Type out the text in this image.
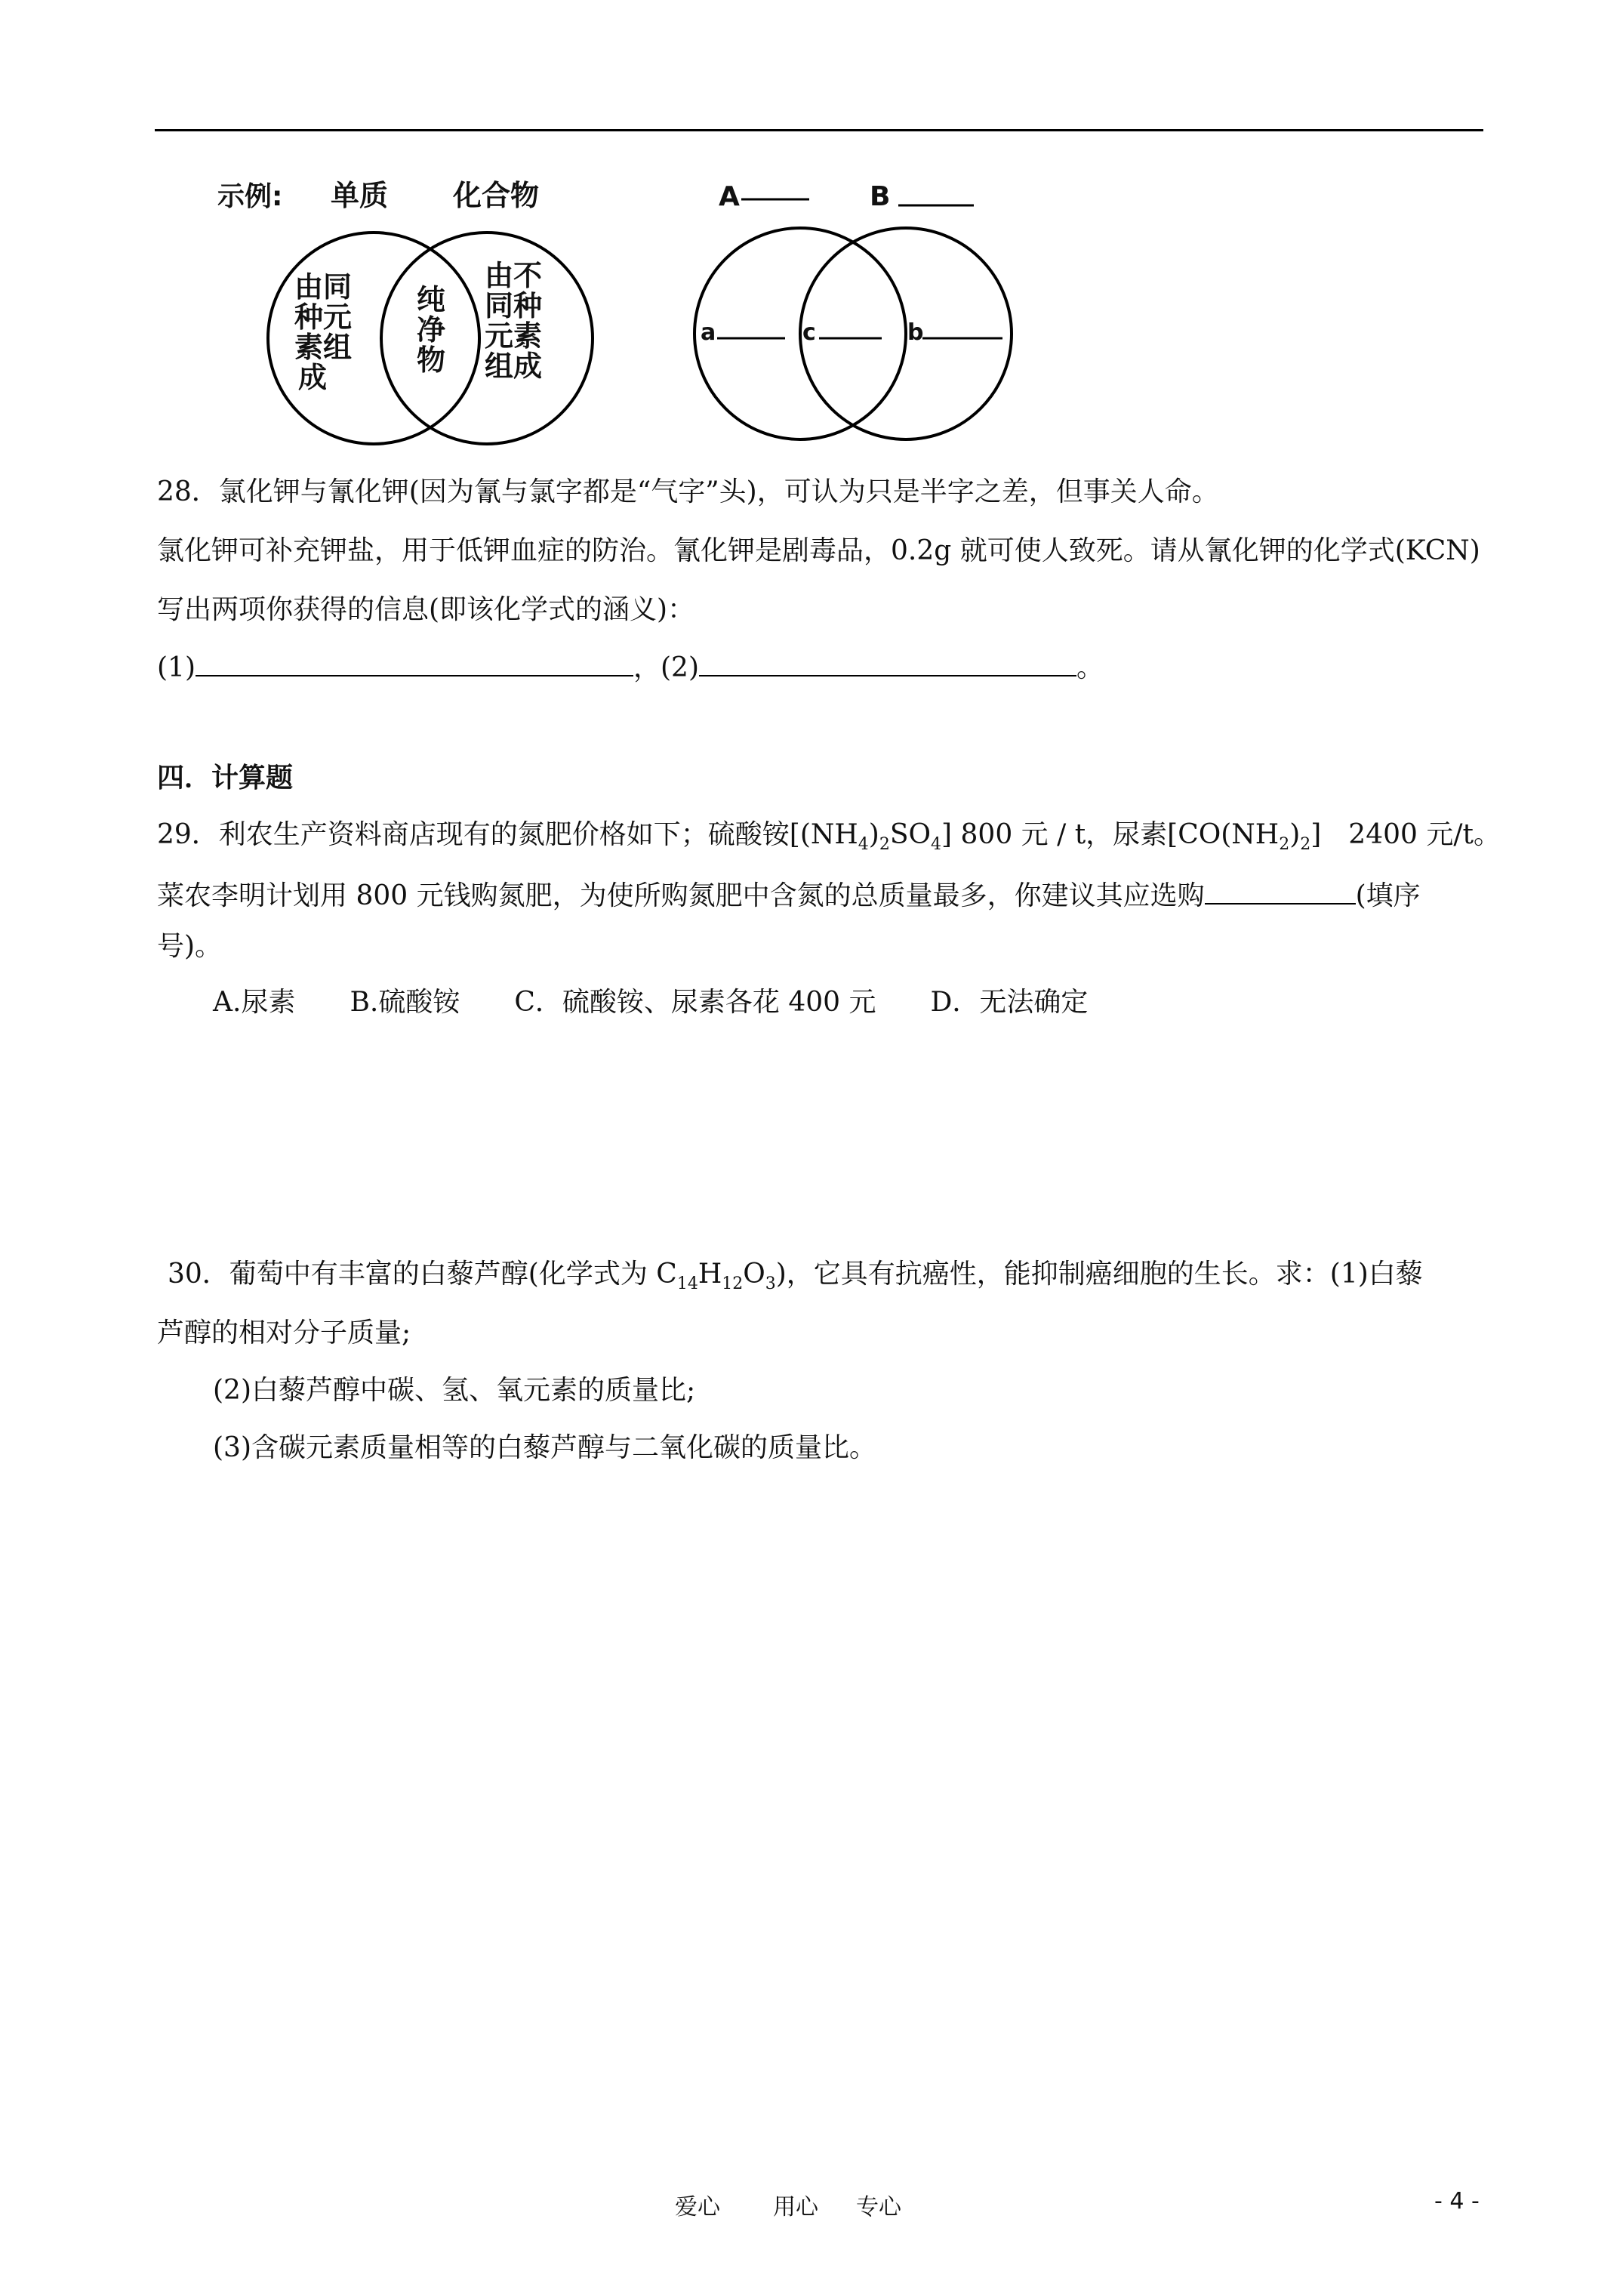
示例: 单质 化合物
由同
种元
素组
成
纯
净
物
由不
同种
元素
组成
A	B
a	c	b
28．氯化钾与氰化钾(因为氰与氯字都是“气字”头)，可认为只是半字之差，但事关人命。
氯化钾可补充钾盐，用于低钾血症的防治。氰化钾是剧毒品，0.2g 就可使人致死。请从氰化钾的化学式(KCN)
写出两项你获得的信息(即该化学式的涵义)：
(1)	，(2)	。
四．计算题
29．利农生产资料商店现有的氮肥价格如下；硫酸铵$[(NH_4)_2SO_4]$ 800 元 / t，尿素$[CO(NH_2)_2]$　2400 元/t。
菜农李明计划用 800 元钱购氮肥，为使所购氮肥中含氮的总质量最多，你建议其应选购	(填序
号)。
A.尿素 B.硫酸铵 C．硫酸铵、尿素各花 400 元 D．无法确定
30．葡萄中有丰富的白藜芦醇(化学式为 $C_{14}H_{12}O_3$)，它具有抗癌性，能抑制癌细胞的生长。求：(1)白藜
芦醇的相对分子质量;
(2)白藜芦醇中碳、氢、氧元素的质量比;
(3)含碳元素质量相等的白藜芦醇与二氧化碳的质量比。
爱心 用心 专心	- 4 -
